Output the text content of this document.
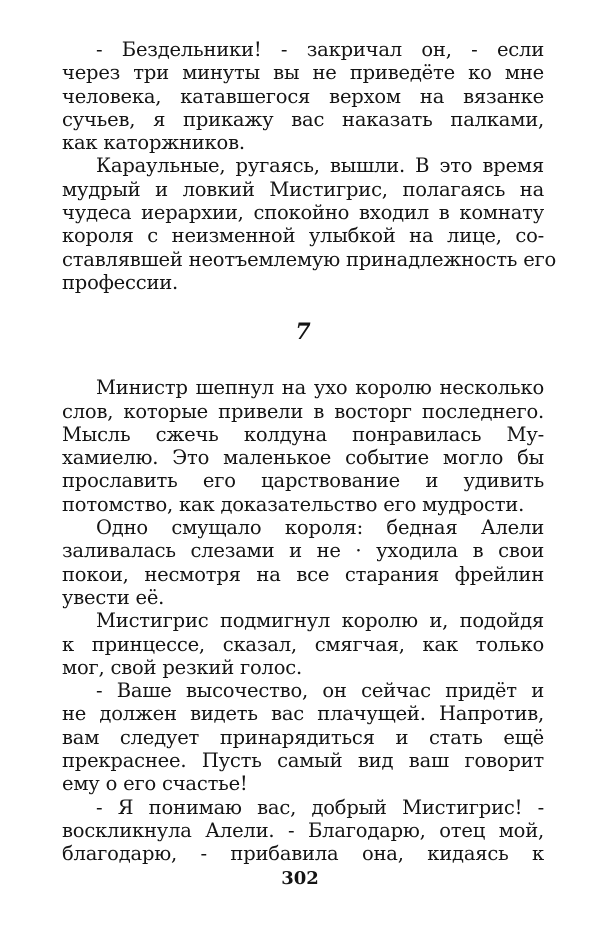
- Бездельники! - закричал он, - если
через три минуты вы не приведёте ко мне
человека, катавшегося верхом на вязанке
сучьев, я прикажу вас наказать палками,
как каторжников.
Караульные, ругаясь, вышли. В это время
мудрый и ловкий Мистигрис, полагаясь на
чудеса иерархии, спокойно входил в комнату
короля с неизменной улыбкой на лице, со-
ставлявшей неотъемлемую принадлежность его
профессии.
7
Министр шепнул на ухо королю несколько
слов, которые привели в восторг последнего.
Мысль сжечь колдуна понравилась Му-
хамиелю. Это маленькое событие могло бы
прославить его царствование и удивить
потомство, как доказательство его мудрости.
Одно смущало короля: бедная Алели
заливалась слезами и не · уходила в свои
покои, несмотря на все старания фрейлин
увести её.
Мистигрис подмигнул королю и, подойдя
к принцессе, сказал, смягчая, как только
мог, свой резкий голос.
- Ваше высочество, он сейчас придёт и
не должен видеть вас плачущей. Напротив,
вам следует принарядиться и стать ещё
прекраснее. Пусть самый вид ваш говорит
ему о его счастье!
- Я понимаю вас, добрый Мистигрис! -
воскликнула Алели. - Благодарю, отец мой,
благодарю, - прибавила она, кидаясь к
302
